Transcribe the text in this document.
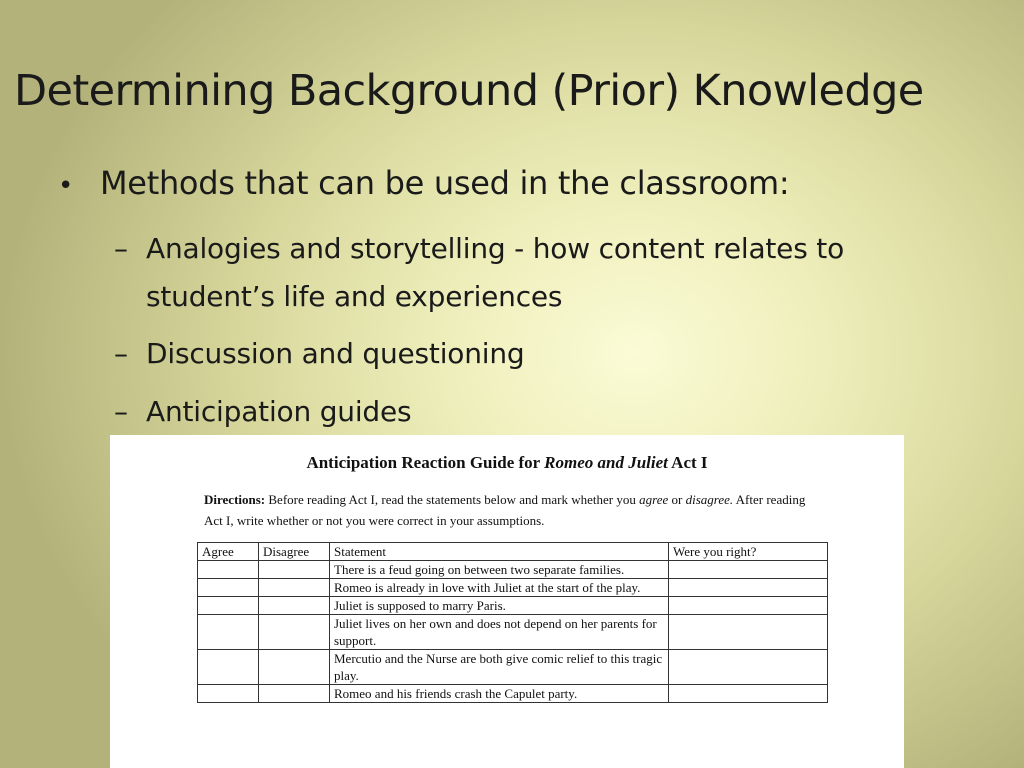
Determining Background (Prior) Knowledge
• Methods that can be used in the classroom:
– Analogies and storytelling - how content relates to student’s life and experiences
– Discussion and questioning
– Anticipation guides
Anticipation Reaction Guide for Romeo and Juliet Act I
Directions: Before reading Act I, read the statements below and mark whether you agree or disagree. After reading Act I, write whether or not you were correct in your assumptions.
Agree	Disagree	Statement	Were you right?
		There is a feud going on between two separate families.	
		Romeo is already in love with Juliet at the start of the play.	
		Juliet is supposed to marry Paris.	
		Juliet lives on her own and does not depend on her parents for support.	
		Mercutio and the Nurse are both give comic relief to this tragic play.	
		Romeo and his friends crash the Capulet party.	
